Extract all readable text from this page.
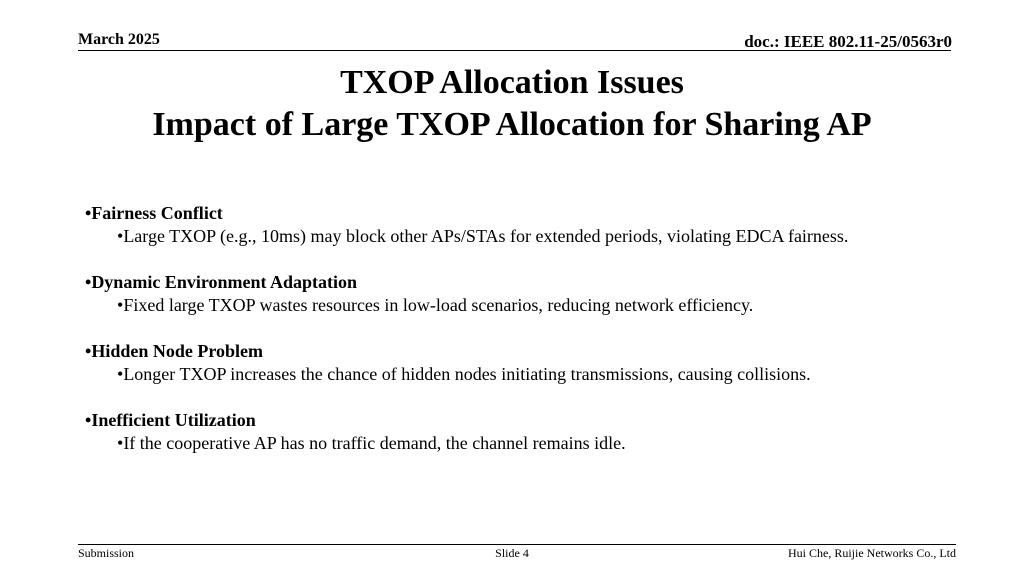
March 2025	doc.: IEEE 802.11-25/0563r0
TXOP Allocation Issues
Impact of Large TXOP Allocation for Sharing AP
•Fairness Conflict
•Large TXOP (e.g., 10ms) may block other APs/STAs for extended periods, violating EDCA fairness.
•Dynamic Environment Adaptation
•Fixed large TXOP wastes resources in low-load scenarios, reducing network efficiency.
•Hidden Node Problem
•Longer TXOP increases the chance of hidden nodes initiating transmissions, causing collisions.
•Inefficient Utilization
•If the cooperative AP has no traffic demand, the channel remains idle.
Submission	Slide 4	Hui Che, Ruijie Networks Co., Ltd
